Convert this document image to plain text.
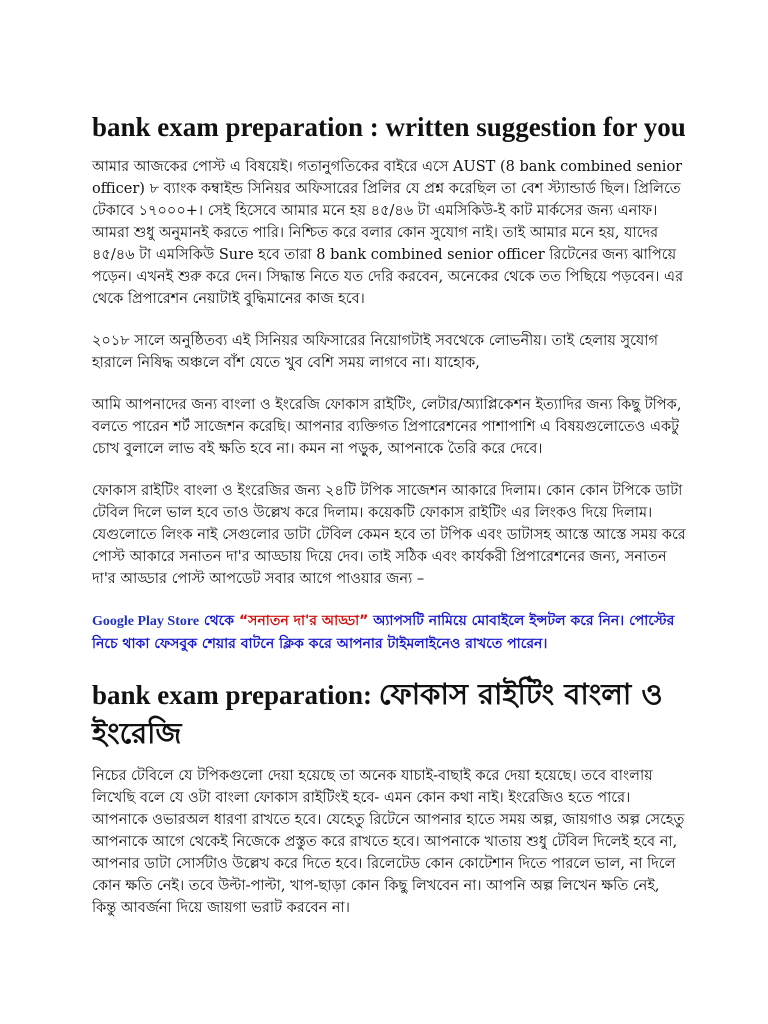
bank exam preparation : written suggestion for you

আমার আজকের পোস্ট এ বিষয়েই। গতানুগতিকের বাইরে এসে AUST (8 bank combined senior officer) ৮ ব্যাংক কম্বাইন্ড সিনিয়র অফিসারের প্রিলির যে প্রশ্ন করেছিল তা বেশ স্ট্যান্ডার্ড ছিল। প্রিলিতে টেকাবে ১৭০০০+। সেই হিসেবে আমার মনে হয় ৪৫/৪৬ টা এমসিকিউ-ই কাট মার্কসের জন্য এনাফ। আমরা শুধু অনুমানই করতে পারি। নিশ্চিত করে বলার কোন সুযোগ নাই। তাই আমার মনে হয়, যাদের ৪৫/৪৬ টা এমসিকিউ Sure হবে তারা 8 bank combined senior officer রিটেনের জন্য ঝাপিয়ে পড়েন। এখনই শুরু করে দেন। সিদ্ধান্ত নিতে যত দেরি করবেন, অনেকের থেকে তত পিছিয়ে পড়বেন। এর থেকে প্রিপারেশন নেয়াটাই বুদ্ধিমানের কাজ হবে।

২০১৮ সালে অনুষ্ঠিতব্য এই সিনিয়র অফিসারের নিয়োগটাই সবথেকে লোভনীয়। তাই হেলায় সুযোগ হারালে নিষিদ্ধ অঞ্চলে বাঁশ যেতে খুব বেশি সময় লাগবে না। যাহোক,

আমি আপনাদের জন্য বাংলা ও ইংরেজি ফোকাস রাইটিং, লেটার/অ্যাপ্লিকেশন ইত্যাদির জন্য কিছু টপিক, বলতে পারেন শর্ট সাজেশন করেছি। আপনার ব্যক্তিগত প্রিপারেশনের পাশাপাশি এ বিষয়গুলোতেও একটু চোখ বুলালে লাভ বই ক্ষতি হবে না। কমন না পড়ুক, আপনাকে তৈরি করে দেবে।

ফোকাস রাইটিং বাংলা ও ইংরেজির জন্য ২৪টি টপিক সাজেশন আকারে দিলাম। কোন কোন টপিকে ডাটা টেবিল দিলে ভাল হবে তাও উল্লেখ করে দিলাম। কয়েকটি ফোকাস রাইটিং এর লিংকও দিয়ে দিলাম। যেগুলোতে লিংক নাই সেগুলোর ডাটা টেবিল কেমন হবে তা টপিক এবং ডাটাসহ আস্তে আস্তে সময় করে পোস্ট আকারে সনাতন দা'র আড্ডায় দিয়ে দেব। তাই সঠিক এবং কার্যকরী প্রিপারেশনের জন্য, সনাতন দা'র আড্ডার পোস্ট আপডেট সবার আগে পাওয়ার জন্য –

Google Play Store থেকে “সনাতন দা'র আড্ডা” অ্যাপসটি নামিয়ে মোবাইলে ইন্সটল করে নিন। পোস্টের নিচে থাকা ফেসবুক শেয়ার বাটনে ক্লিক করে আপনার টাইমলাইনেও রাখতে পারেন।

bank exam preparation: ফোকাস রাইটিং বাংলা ও ইংরেজি

নিচের টেবিলে যে টপিকগুলো দেয়া হয়েছে তা অনেক যাচাই-বাছাই করে দেয়া হয়েছে। তবে বাংলায় লিখেছি বলে যে ওটা বাংলা ফোকাস রাইটিংই হবে- এমন কোন কথা নাই। ইংরেজিও হতে পারে। আপনাকে ওভারঅল ধারণা রাখতে হবে। যেহেতু রিটেনে আপনার হাতে সময় অল্প, জায়গাও অল্প সেহেতু আপনাকে আগে থেকেই নিজেকে প্রস্তুত করে রাখতে হবে। আপনাকে খাতায় শুধু টেবিল দিলেই হবে না, আপনার ডাটা সোর্সটাও উল্লেখ করে দিতে হবে। রিলেটেড কোন কোটেশান দিতে পারলে ভাল, না দিলে কোন ক্ষতি নেই। তবে উল্টা-পাল্টা, খাপ-ছাড়া কোন কিছু লিখবেন না। আপনি অল্প লিখেন ক্ষতি নেই, কিন্তু আবর্জনা দিয়ে জায়গা ভরাট করবেন না।
